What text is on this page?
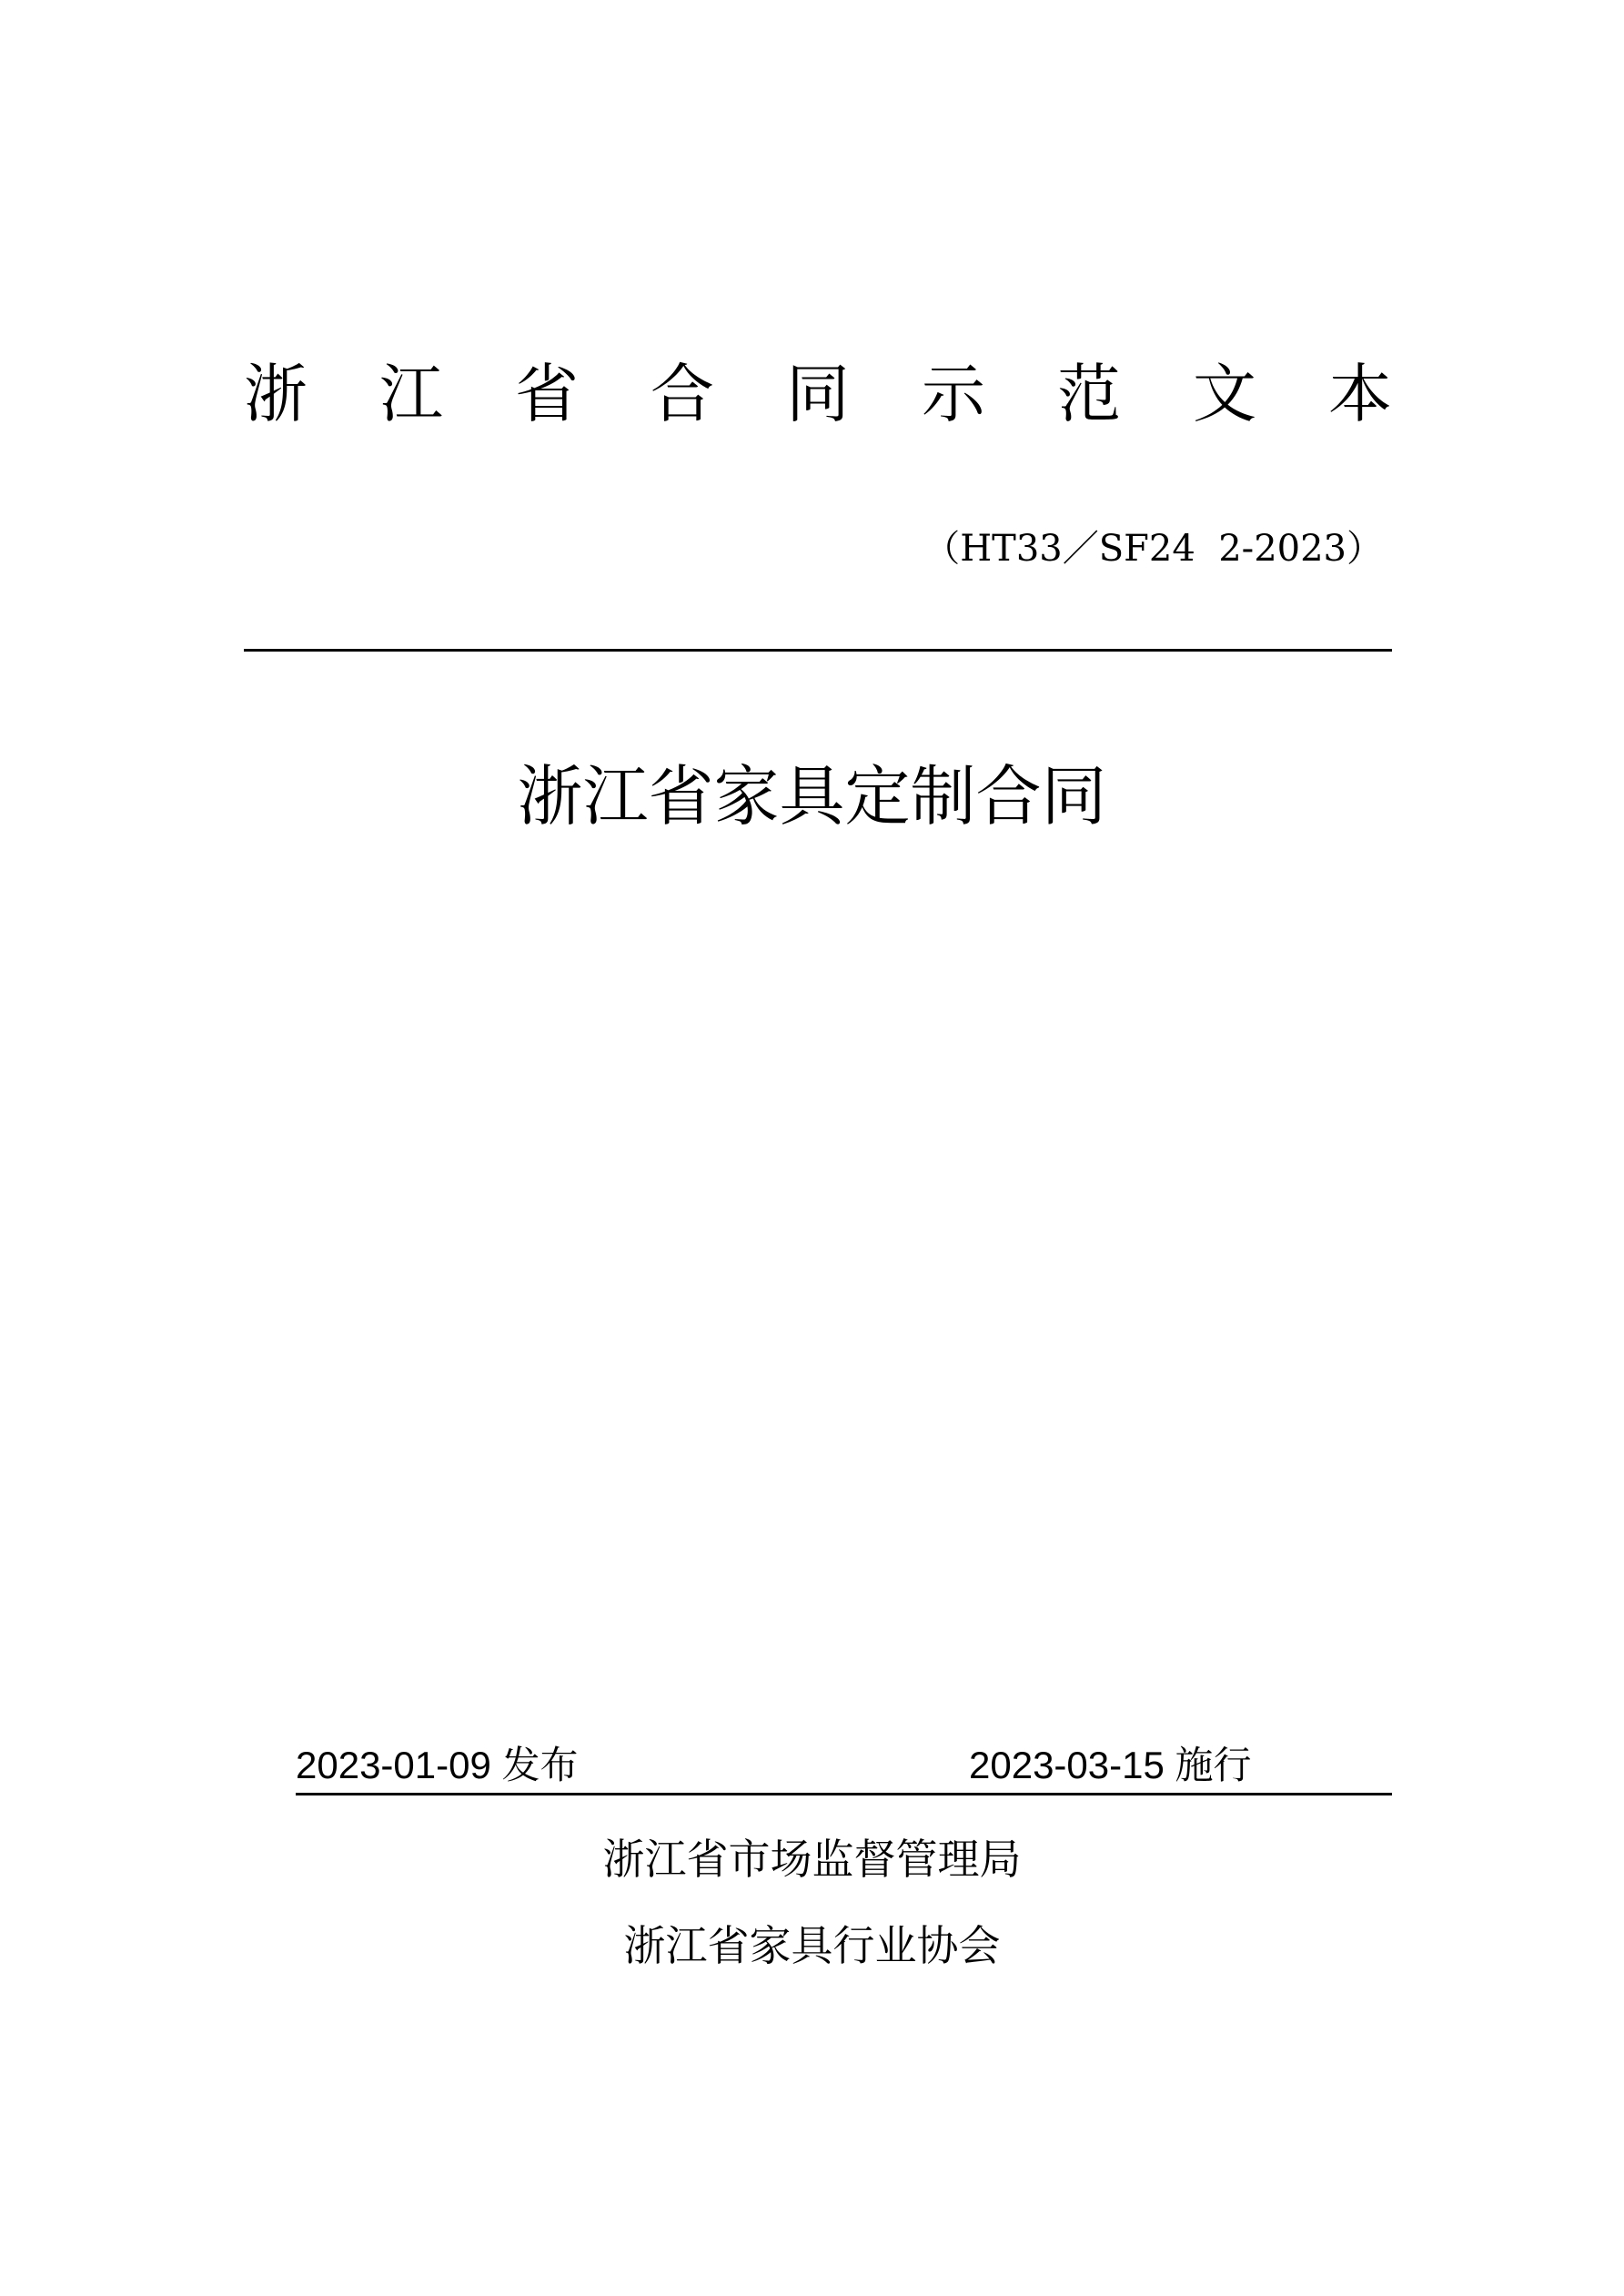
浙 江 省 合 同 示 范 文 本
（HT33／SF24  2-2023）
浙江省家具定制合同
2023-01-09 发布	2023-03-15 施行
浙江省市场监督管理局
浙江省家具行业协会
